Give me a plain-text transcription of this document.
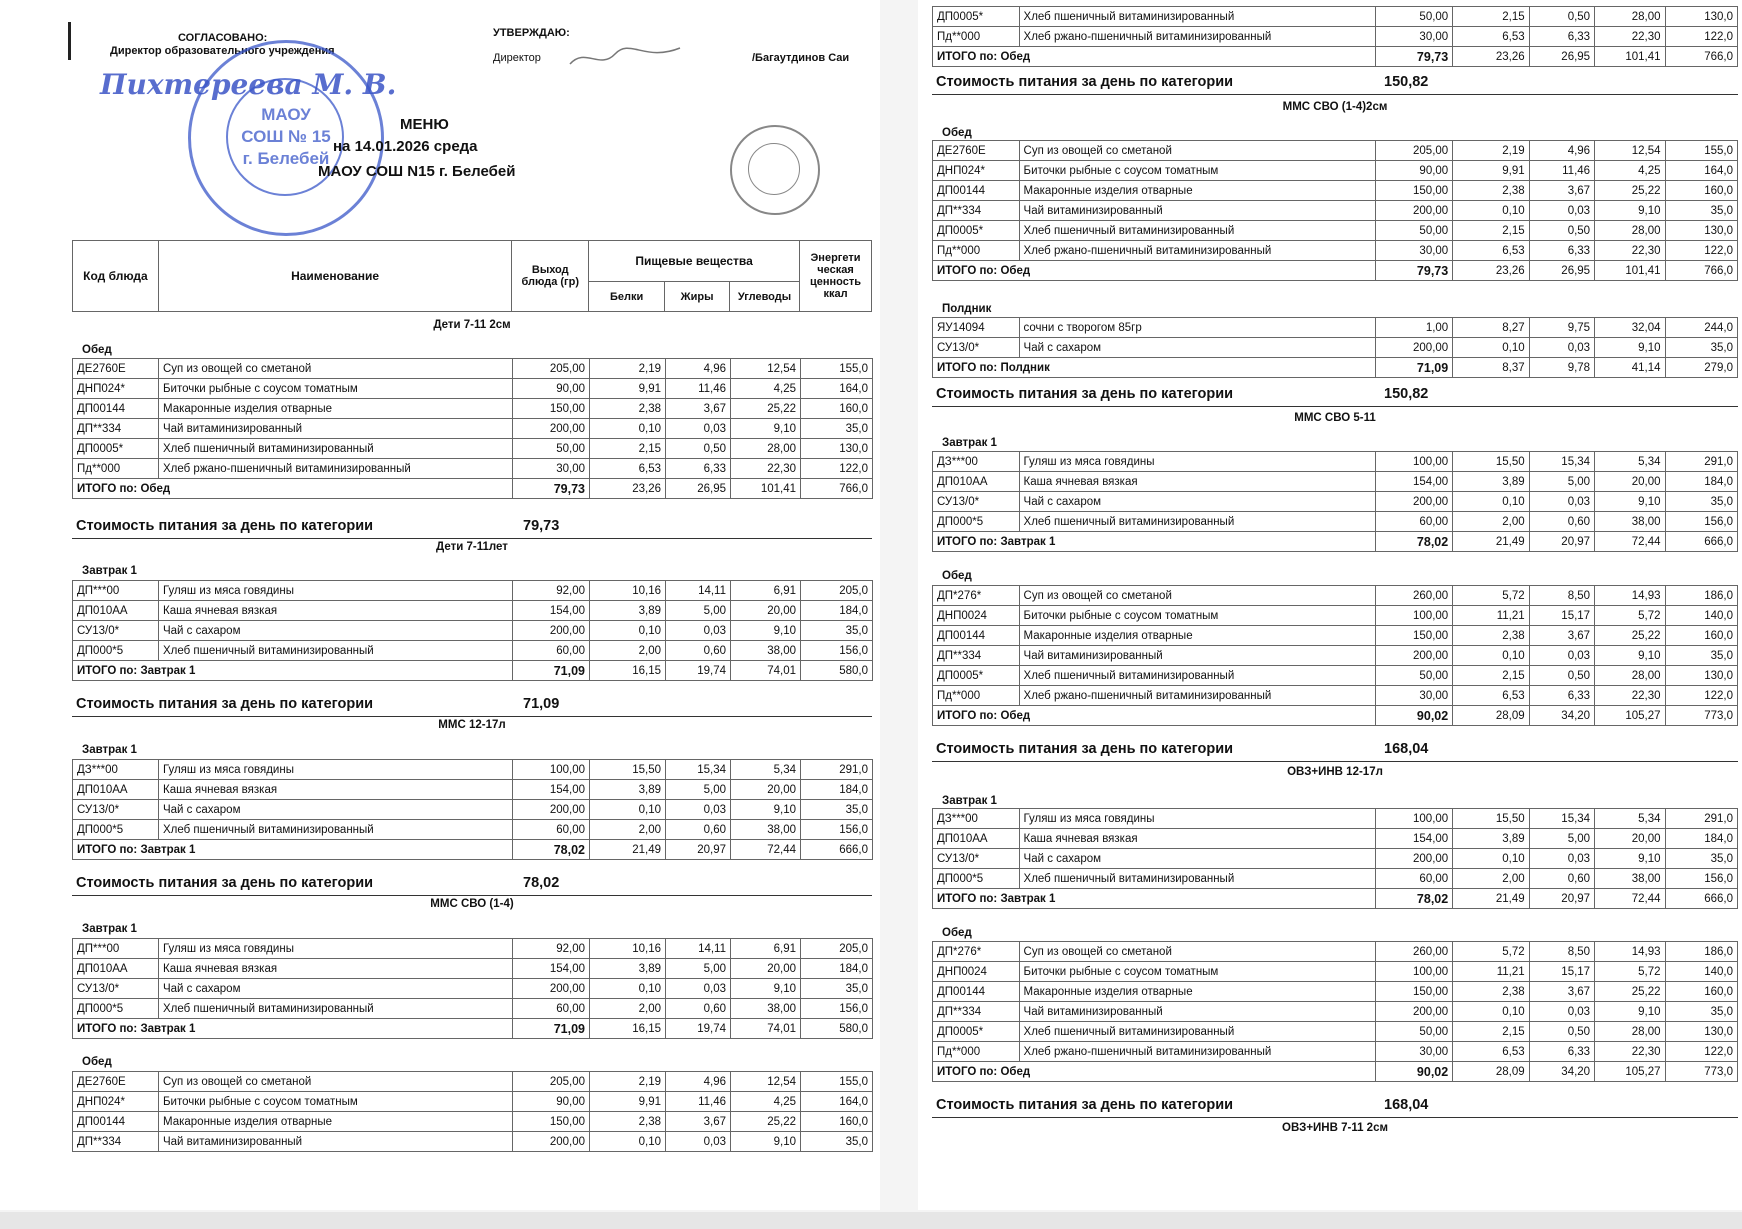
СОГЛАСОВАНО:
Директор образовательного учреждения
Пихтереева М. В.
УТВЕРЖДАЮ:
Директор	/Багаутдинов Саи
МАОУ
СОШ № 15
г. Белебей
МЕНЮ
на 14.01.2026 среда
МАОУ СОШ N15 г. Белебей
Код блюда	Наименование	Выход блюда (гр)	Пищевые вещества			Энергети ческая ценность ккал
			Белки	Жиры	Углеводы	
Дети 7-11 2см
Обед
ДЕ2760Е	Суп из овощей со сметаной	205,00	2,19	4,96	12,54	155,0
ДНП024*	Биточки рыбные с соусом томатным	90,00	9,91	11,46	4,25	164,0
ДП00144	Макаронные изделия отварные	150,00	2,38	3,67	25,22	160,0
ДП**334	Чай витаминизированный	200,00	0,10	0,03	9,10	35,0
ДП0005*	Хлеб пшеничный витаминизированный	50,00	2,15	0,50	28,00	130,0
Пд**000	Хлеб ржано-пшеничный витаминизированный	30,00	6,53	6,33	22,30	122,0
ИТОГО по: Обед		79,73	23,26	26,95	101,41	766,0
Стоимость питания за день по категории	79,73
Дети 7-11лет
Завтрак 1
ДП***00	Гуляш из мяса говядины	92,00	10,16	14,11	6,91	205,0
ДП010АА	Каша ячневая вязкая	154,00	3,89	5,00	20,00	184,0
СУ13/0*	Чай с сахаром	200,00	0,10	0,03	9,10	35,0
ДП000*5	Хлеб пшеничный витаминизированный	60,00	2,00	0,60	38,00	156,0
ИТОГО по: Завтрак 1		71,09	16,15	19,74	74,01	580,0
Стоимость питания за день по категории	71,09
ММС 12-17л
Завтрак 1
ДЗ***00	Гуляш из мяса говядины	100,00	15,50	15,34	5,34	291,0
ДП010АА	Каша ячневая вязкая	154,00	3,89	5,00	20,00	184,0
СУ13/0*	Чай с сахаром	200,00	0,10	0,03	9,10	35,0
ДП000*5	Хлеб пшеничный витаминизированный	60,00	2,00	0,60	38,00	156,0
ИТОГО по: Завтрак 1		78,02	21,49	20,97	72,44	666,0
Стоимость питания за день по категории	78,02
ММС СВО (1-4)
Завтрак 1
ДП***00	Гуляш из мяса говядины	92,00	10,16	14,11	6,91	205,0
ДП010АА	Каша ячневая вязкая	154,00	3,89	5,00	20,00	184,0
СУ13/0*	Чай с сахаром	200,00	0,10	0,03	9,10	35,0
ДП000*5	Хлеб пшеничный витаминизированный	60,00	2,00	0,60	38,00	156,0
ИТОГО по: Завтрак 1		71,09	16,15	19,74	74,01	580,0
Обед
ДЕ2760Е	Суп из овощей со сметаной	205,00	2,19	4,96	12,54	155,0
ДНП024*	Биточки рыбные с соусом томатным	90,00	9,91	11,46	4,25	164,0
ДП00144	Макаронные изделия отварные	150,00	2,38	3,67	25,22	160,0
ДП**334	Чай витаминизированный	200,00	0,10	0,03	9,10	35,0
ДП0005*	Хлеб пшеничный витаминизированный	50,00	2,15	0,50	28,00	130,0
Пд**000	Хлеб ржано-пшеничный витаминизированный	30,00	6,53	6,33	22,30	122,0
ИТОГО по: Обед		79,73	23,26	26,95	101,41	766,0
Стоимость питания за день по категории	150,82
ММС СВО (1-4)2см
Обед
ДЕ2760Е	Суп из овощей со сметаной	205,00	2,19	4,96	12,54	155,0
ДНП024*	Биточки рыбные с соусом томатным	90,00	9,91	11,46	4,25	164,0
ДП00144	Макаронные изделия отварные	150,00	2,38	3,67	25,22	160,0
ДП**334	Чай витаминизированный	200,00	0,10	0,03	9,10	35,0
ДП0005*	Хлеб пшеничный витаминизированный	50,00	2,15	0,50	28,00	130,0
Пд**000	Хлеб ржано-пшеничный витаминизированный	30,00	6,53	6,33	22,30	122,0
ИТОГО по: Обед		79,73	23,26	26,95	101,41	766,0
Полдник
ЯУ14094	сочни с творогом 85гр	1,00	8,27	9,75	32,04	244,0
СУ13/0*	Чай с сахаром	200,00	0,10	0,03	9,10	35,0
ИТОГО по: Полдник		71,09	8,37	9,78	41,14	279,0
Стоимость питания за день по категории	150,82
ММС СВО 5-11
Завтрак 1
ДЗ***00	Гуляш из мяса говядины	100,00	15,50	15,34	5,34	291,0
ДП010АА	Каша ячневая вязкая	154,00	3,89	5,00	20,00	184,0
СУ13/0*	Чай с сахаром	200,00	0,10	0,03	9,10	35,0
ДП000*5	Хлеб пшеничный витаминизированный	60,00	2,00	0,60	38,00	156,0
ИТОГО по: Завтрак 1		78,02	21,49	20,97	72,44	666,0
Обед
ДП*276*	Суп из овощей со сметаной	260,00	5,72	8,50	14,93	186,0
ДНП0024	Биточки рыбные с соусом томатным	100,00	11,21	15,17	5,72	140,0
ДП00144	Макаронные изделия отварные	150,00	2,38	3,67	25,22	160,0
ДП**334	Чай витаминизированный	200,00	0,10	0,03	9,10	35,0
ДП0005*	Хлеб пшеничный витаминизированный	50,00	2,15	0,50	28,00	130,0
Пд**000	Хлеб ржано-пшеничный витаминизированный	30,00	6,53	6,33	22,30	122,0
ИТОГО по: Обед		90,02	28,09	34,20	105,27	773,0
Стоимость питания за день по категории	168,04
ОВЗ+ИНВ 12-17л
Завтрак 1
ДЗ***00	Гуляш из мяса говядины	100,00	15,50	15,34	5,34	291,0
ДП010АА	Каша ячневая вязкая	154,00	3,89	5,00	20,00	184,0
СУ13/0*	Чай с сахаром	200,00	0,10	0,03	9,10	35,0
ДП000*5	Хлеб пшеничный витаминизированный	60,00	2,00	0,60	38,00	156,0
ИТОГО по: Завтрак 1		78,02	21,49	20,97	72,44	666,0
Обед
ДП*276*	Суп из овощей со сметаной	260,00	5,72	8,50	14,93	186,0
ДНП0024	Биточки рыбные с соусом томатным	100,00	11,21	15,17	5,72	140,0
ДП00144	Макаронные изделия отварные	150,00	2,38	3,67	25,22	160,0
ДП**334	Чай витаминизированный	200,00	0,10	0,03	9,10	35,0
ДП0005*	Хлеб пшеничный витаминизированный	50,00	2,15	0,50	28,00	130,0
Пд**000	Хлеб ржано-пшеничный витаминизированный	30,00	6,53	6,33	22,30	122,0
ИТОГО по: Обед		90,02	28,09	34,20	105,27	773,0
Стоимость питания за день по категории	168,04
ОВЗ+ИНВ 7-11 2см
